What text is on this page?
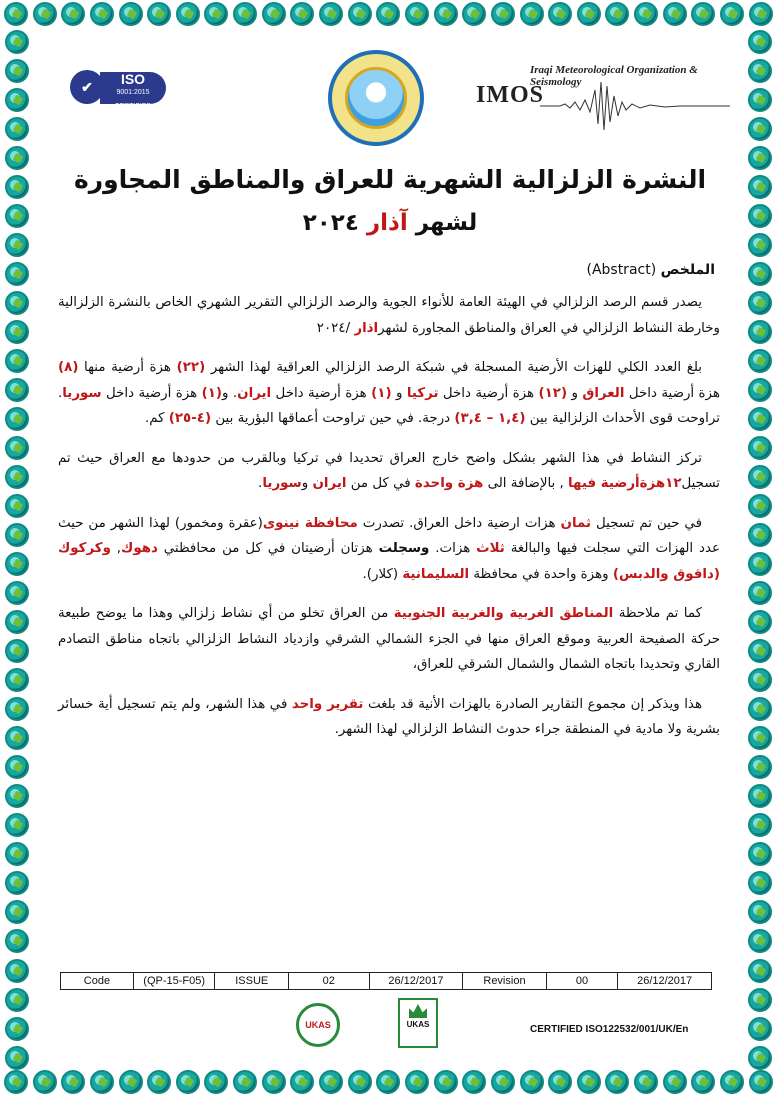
✔	ISO
9001:2015
CERTIFIED
Iraqi Meteorological Organization & Seismology
IMOS
النشرة الزلزالية الشهرية للعراق والمناطق المجاورة
لشهر آذار ٢٠٢٤
الملخص (Abstract)

يصدر قسم الرصد الزلزالي في الهيئة العامة للأنواء الجوية والرصد الزلزالي التقرير الشهري الخاص بالنشرة الزلزالية وخارطة النشاط الزلزالي في العراق والمناطق المجاورة لشهراذار /٢٠٢٤

بلغ العدد الكلي للهزات الأرضية المسجلة في شبكة الرصد الزلزالي العراقية لهذا الشهر (٢٢) هزة أرضية منها (٨) هزة أرضية داخل العراق و (١٢) هزة أرضية داخل تركيا و (١) هزة أرضية داخل ايران. و(١) هزة أرضية داخل سوريا. تراوحت قوى الأحداث الزلزالية بين (١,٤ – ٣,٤) درجة. في حين تراوحت أعماقها البؤرية بين (٤-٢٥) كم.

تركز النشاط في هذا الشهر بشكل واضح خارج العراق تحديدا في تركيا وبالقرب من حدودها مع العراق حيث تم تسجيل١٢هزةأرضية فيها , بالإضافة الى هزة واحدة في كل من ايران وسوريا.

في حين تم تسجيل ثمان هزات ارضية داخل العراق. تصدرت محافظة نينوى(عقرة ومخمور) لهذا الشهر من حيث عدد الهزات التي سجلت فيها والبالغة ثلاث هزات. وسجلت هزتان أرضيتان في كل من محافظتي دهوك, وكركوك (داقوق والدبس) وهزة واحدة في محافظة السليمانية (كلار).

كما تم ملاحظة المناطق الغربية والغربية الجنوبية من العراق تخلو من أي نشاط زلزالي وهذا ما يوضح طبيعة حركة الصفيحة العربية وموقع العراق منها في الجزء الشمالي الشرقي وازدياد النشاط الزلزالي باتجاه مناطق التصادم القاري وتحديدا باتجاه الشمال والشمال الشرقي للعراق،

هذا ويذكر إن مجموع التقارير الصادرة بالهزات الأنية قد بلغت تقرير واحد في هذا الشهر، ولم يتم تسجيل أية خسائر بشرية ولا مادية في المنطقة جراء حدوث النشاط الزلزالي لهذا الشهر.

Code	(QP-15-F05)	ISSUE	02	26/12/2017	Revision	00	26/12/2017
UKAS	UKAS	CERTIFIED ISO122532/001/UK/En
